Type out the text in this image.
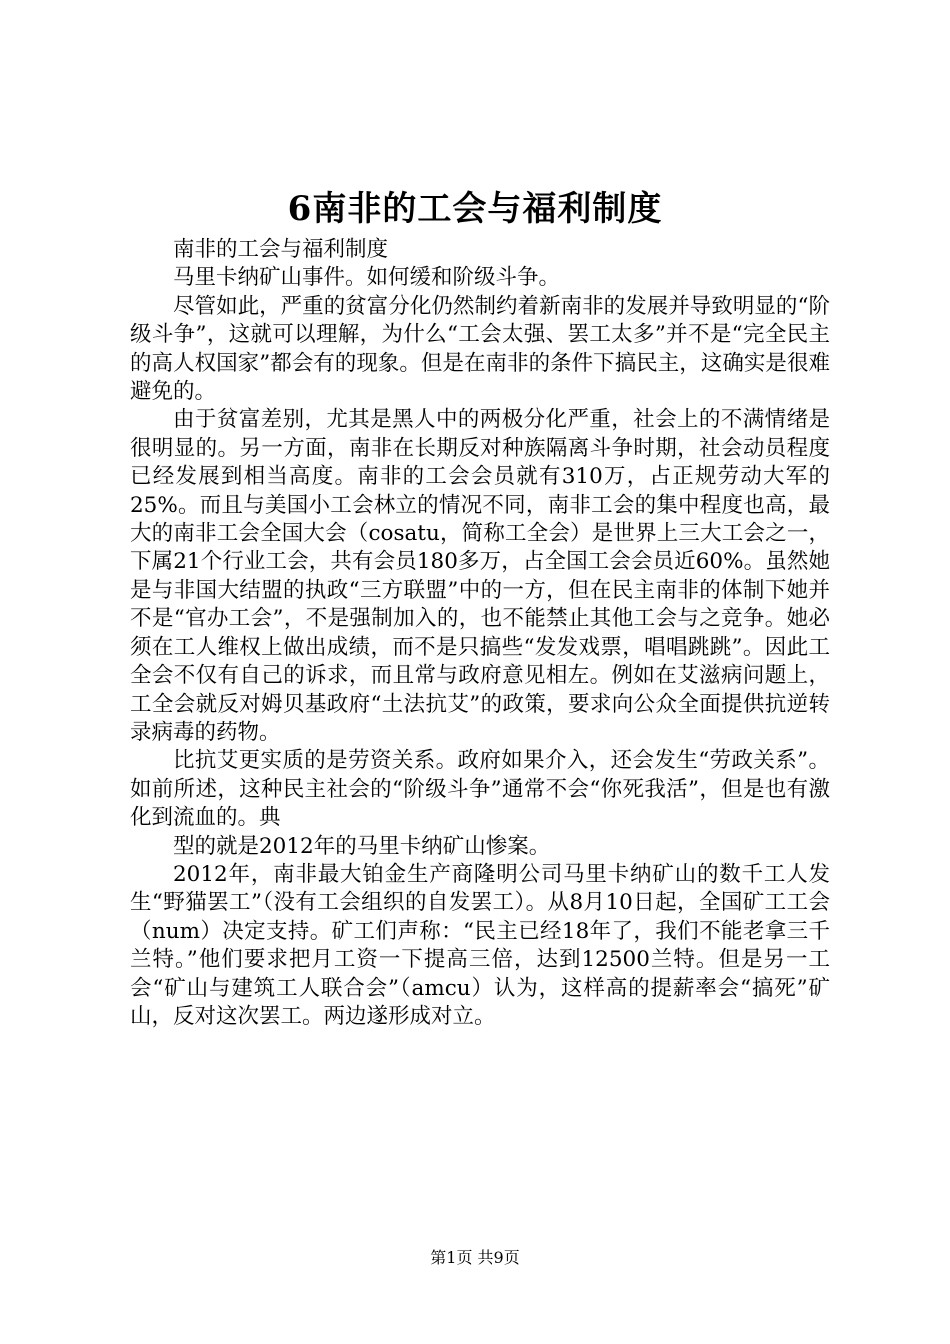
6南非的工会与福利制度

南非的工会与福利制度

马里卡纳矿山事件。如何缓和阶级斗争。

尽管如此，严重的贫富分化仍然制约着新南非的发展并导致明显的“阶级斗争”，这就可以理解，为什么“工会太强、罢工太多”并不是“完全民主的高人权国家”都会有的现象。但是在南非的条件下搞民主，这确实是很难避免的。

由于贫富差别，尤其是黑人中的两极分化严重，社会上的不满情绪是很明显的。另一方面，南非在长期反对种族隔离斗争时期，社会动员程度已经发展到相当高度。南非的工会会员就有310万，占正规劳动大军的25%。而且与美国小工会林立的情况不同，南非工会的集中程度也高，最大的南非工会全国大会（cosatu，简称工全会）是世界上三大工会之一，下属21个行业工会，共有会员180多万，占全国工会会员近60%。虽然她是与非国大结盟的执政“三方联盟”中的一方，但在民主南非的体制下她并不是“官办工会”，不是强制加入的，也不能禁止其他工会与之竞争。她必须在工人维权上做出成绩，而不是只搞些“发发戏票，唱唱跳跳”。因此工全会不仅有自己的诉求，而且常与政府意见相左。例如在艾滋病问题上，工全会就反对姆贝基政府“土法抗艾”的政策，要求向公众全面提供抗逆转录病毒的药物。

比抗艾更实质的是劳资关系。政府如果介入，还会发生“劳政关系”。如前所述，这种民主社会的“阶级斗争”通常不会“你死我活”，但是也有激化到流血的。典

型的就是2012年的马里卡纳矿山惨案。

2012年，南非最大铂金生产商隆明公司马里卡纳矿山的数千工人发生“野猫罢工”（没有工会组织的自发罢工）。从8月10日起，全国矿工工会（num）决定支持。矿工们声称：“民主已经18年了，我们不能老拿三千兰特。”他们要求把月工资一下提高三倍，达到12500兰特。但是另一工会“矿山与建筑工人联合会”（amcu）认为，这样高的提薪率会“搞死”矿山，反对这次罢工。两边遂形成对立。

第1页 共9页
